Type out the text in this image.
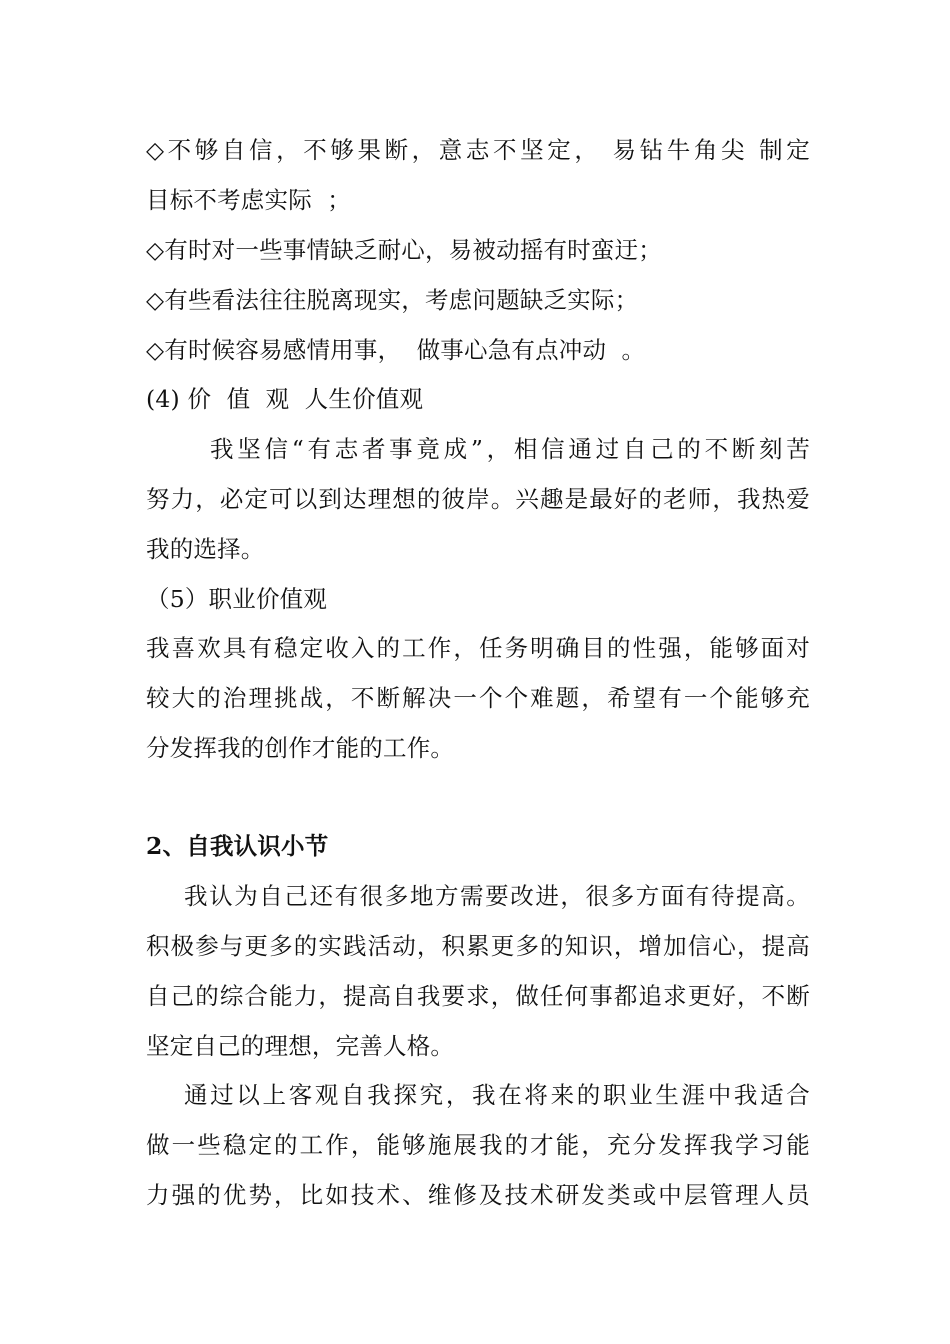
◇不够自信，不够果断，意志不坚定， 易钻牛角尖 制定
目标不考虑实际  ；
◇有时对一些事情缺乏耐心，易被动摇有时蛮迂；
◇有些看法往往脱离现实，考虑问题缺乏实际；
◇有时候容易感情用事，  做事心急有点冲动  。
(4) 价  值  观  人生价值观
我坚信“有志者事竟成”，相信通过自己的不断刻苦
努力，必定可以到达理想的彼岸。兴趣是最好的老师，我热爱
我的选择。
（5）职业价值观
我喜欢具有稳定收入的工作，任务明确目的性强，能够面对
较大的治理挑战，不断解决一个个难题，希望有一个能够充
分发挥我的创作才能的工作。
2、自我认识小节
我认为自己还有很多地方需要改进，很多方面有待提高。
积极参与更多的实践活动，积累更多的知识，增加信心，提高
自己的综合能力，提高自我要求，做任何事都追求更好，不断
坚定自己的理想，完善人格。
通过以上客观自我探究，我在将来的职业生涯中我适合
做一些稳定的工作，能够施展我的才能，充分发挥我学习能
力强的优势，比如技术、维修及技术研发类或中层管理人员
